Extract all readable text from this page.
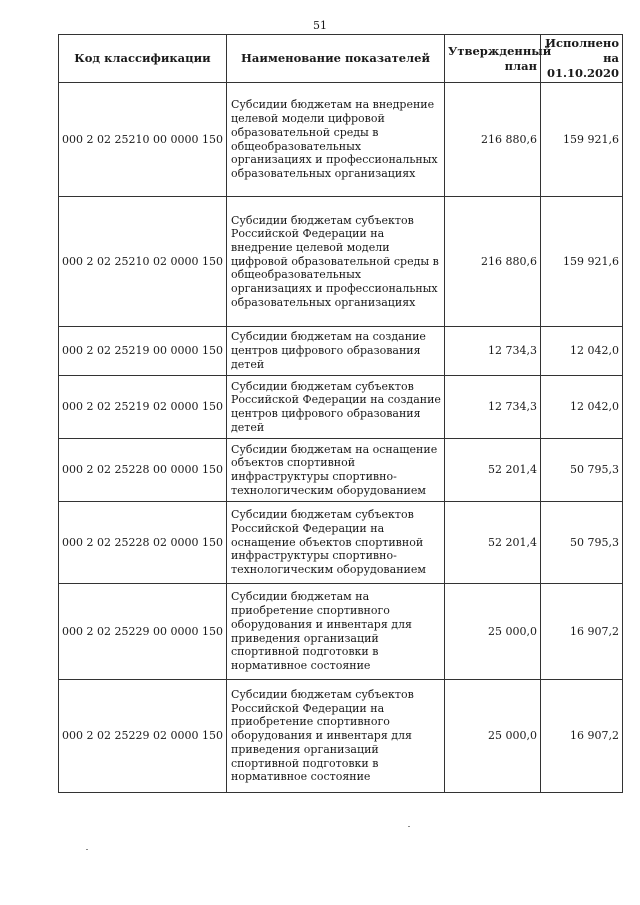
51
Код классификации	Наименование показателей	Утвержденный план	Исполнено на 01.10.2020
000 2 02 25210 00 0000 150	Субсидии бюджетам на внедрение целевой модели цифровой образовательной среды в общеобразовательных организациях и профессиональных образовательных организациях	216 880,6	159 921,6
000 2 02 25210 02 0000 150	Субсидии бюджетам субъектов Российской Федерации на внедрение целевой модели цифровой образовательной среды в общеобразовательных организациях и профессиональных образовательных организациях	216 880,6	159 921,6
000 2 02 25219 00 0000 150	Субсидии бюджетам на создание центров цифрового образования детей	12 734,3	12 042,0
000 2 02 25219 02 0000 150	Субсидии бюджетам субъектов Российской Федерации на создание центров цифрового образования детей	12 734,3	12 042,0
000 2 02 25228 00 0000 150	Субсидии бюджетам на оснащение объектов спортивной инфраструктуры спортивно-технологическим оборудованием	52 201,4	50 795,3
000 2 02 25228 02 0000 150	Субсидии бюджетам субъектов Российской Федерации на оснащение объектов спортивной инфраструктуры спортивно-технологическим оборудованием	52 201,4	50 795,3
000 2 02 25229 00 0000 150	Субсидии бюджетам на приобретение спортивного оборудования и инвентаря для приведения организаций спортивной подготовки в нормативное состояние	25 000,0	16 907,2
000 2 02 25229 02 0000 150	Субсидии бюджетам субъектов Российской Федерации на приобретение спортивного оборудования и инвентаря для приведения организаций спортивной подготовки в нормативное состояние	25 000,0	16 907,2
